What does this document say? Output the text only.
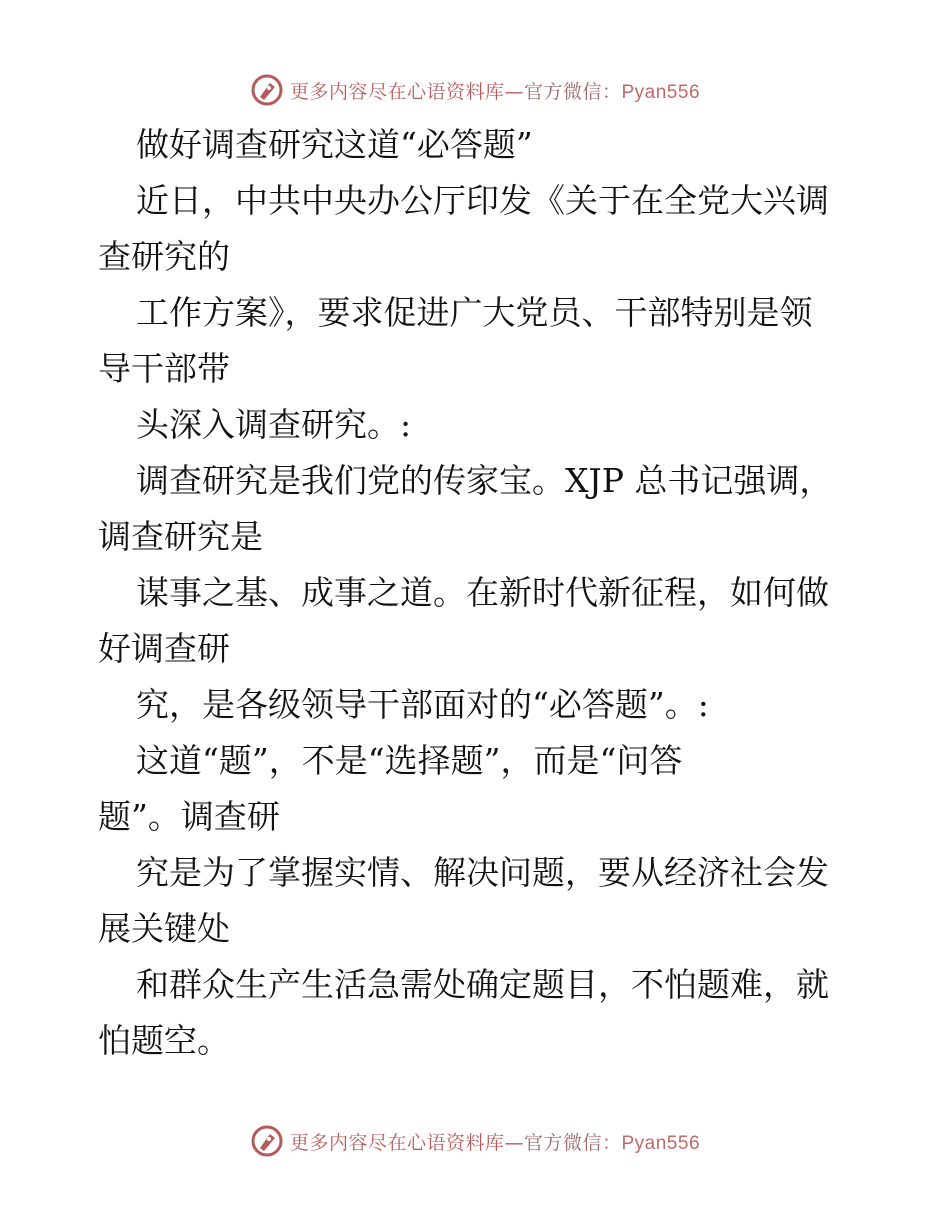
更多内容尽在心语资料库—官方微信：Pyan556
做好调查研究这道“必答题”
近日，中共中央办公厅印发《关于在全党大兴调
查研究的
工作方案》，要求促进广大党员、干部特别是领
导干部带
头深入调查研究。:
调查研究是我们党的传家宝。XJP 总书记强调，
调查研究是
谋事之基、成事之道。在新时代新征程，如何做
好调查研
究，是各级领导干部面对的“必答题”。:
这道“题”，不是“选择题”，而是“问答
题”。调查研
究是为了掌握实情、解决问题，要从经济社会发
展关键处
和群众生产生活急需处确定题目，不怕题难，就
怕题空。
更多内容尽在心语资料库—官方微信：Pyan556
